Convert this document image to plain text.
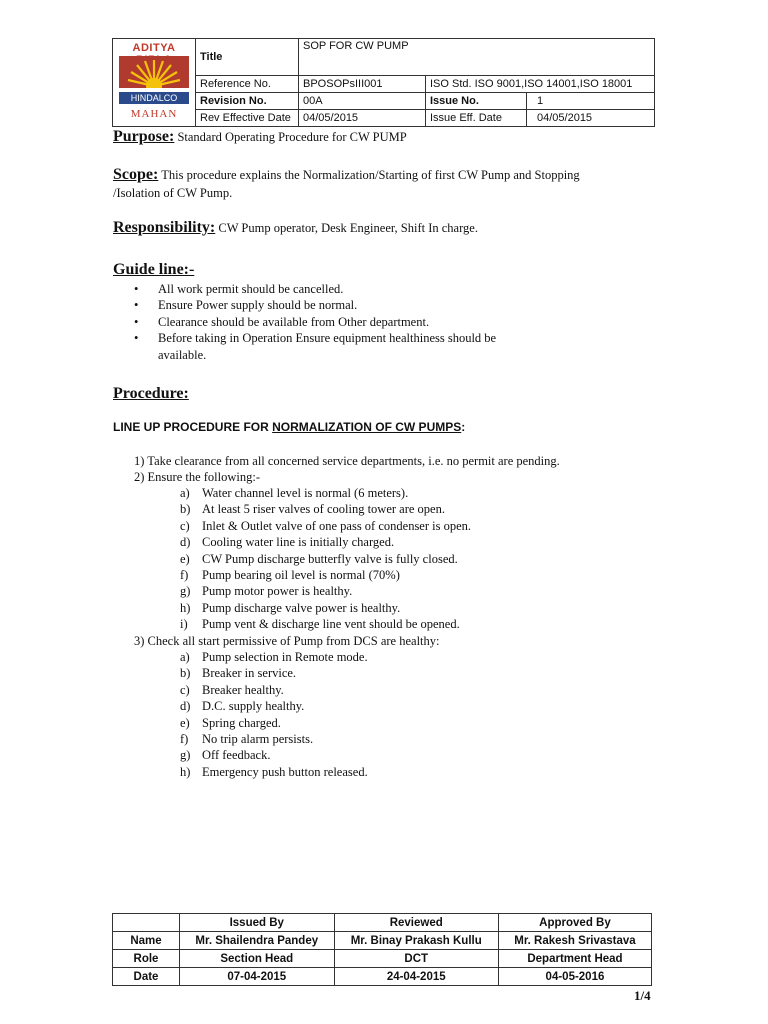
ADITYA
HINDALCO
MAHAN	Title	SOP FOR CW PUMP		
	Reference No.	BPOSOPsIII001	ISO Std. ISO 9001,ISO 14001,ISO 18001	
	Revision No.	00A	Issue No.	1
	Rev Effective Date	04/05/2015	Issue Eff. Date	04/05/2015
Purpose: Standard Operating Procedure for CW PUMP
Scope: This procedure explains the Normalization/Starting of first CW Pump and Stopping
/Isolation of CW Pump.
Responsibility: CW Pump operator, Desk Engineer, Shift In charge.
Guide line:-
• All work permit should be cancelled.
• Ensure Power supply should be normal.
• Clearance should be available from Other department.
• Before taking in Operation Ensure equipment healthiness should be
available.
Procedure:
LINE UP PROCEDURE FOR NORMALIZATION OF CW PUMPS:
1) Take clearance from all concerned service departments, i.e. no permit are pending.
2) Ensure the following:-
a) Water channel level is normal (6 meters).
b) At least 5 riser valves of cooling tower are open.
c) Inlet & Outlet valve of one pass of condenser is open.
d) Cooling water line is initially charged.
e) CW Pump discharge butterfly valve is fully closed.
f) Pump bearing oil level is normal (70%)
g) Pump motor power is healthy.
h) Pump discharge valve power is healthy.
i) Pump vent & discharge line vent should be opened.
3) Check all start permissive of Pump from DCS are healthy:
a) Pump selection in Remote mode.
b) Breaker in service.
c) Breaker healthy.
d) D.C. supply healthy.
e) Spring charged.
f) No trip alarm persists.
g) Off feedback.
h) Emergency push button released.
	Issued By	Reviewed	Approved By
Name	Mr. Shailendra Pandey	Mr. Binay Prakash Kullu	Mr. Rakesh Srivastava
Role	Section Head	DCT	Department Head
Date	07-04-2015	24-04-2015	04-05-2016
1/4
